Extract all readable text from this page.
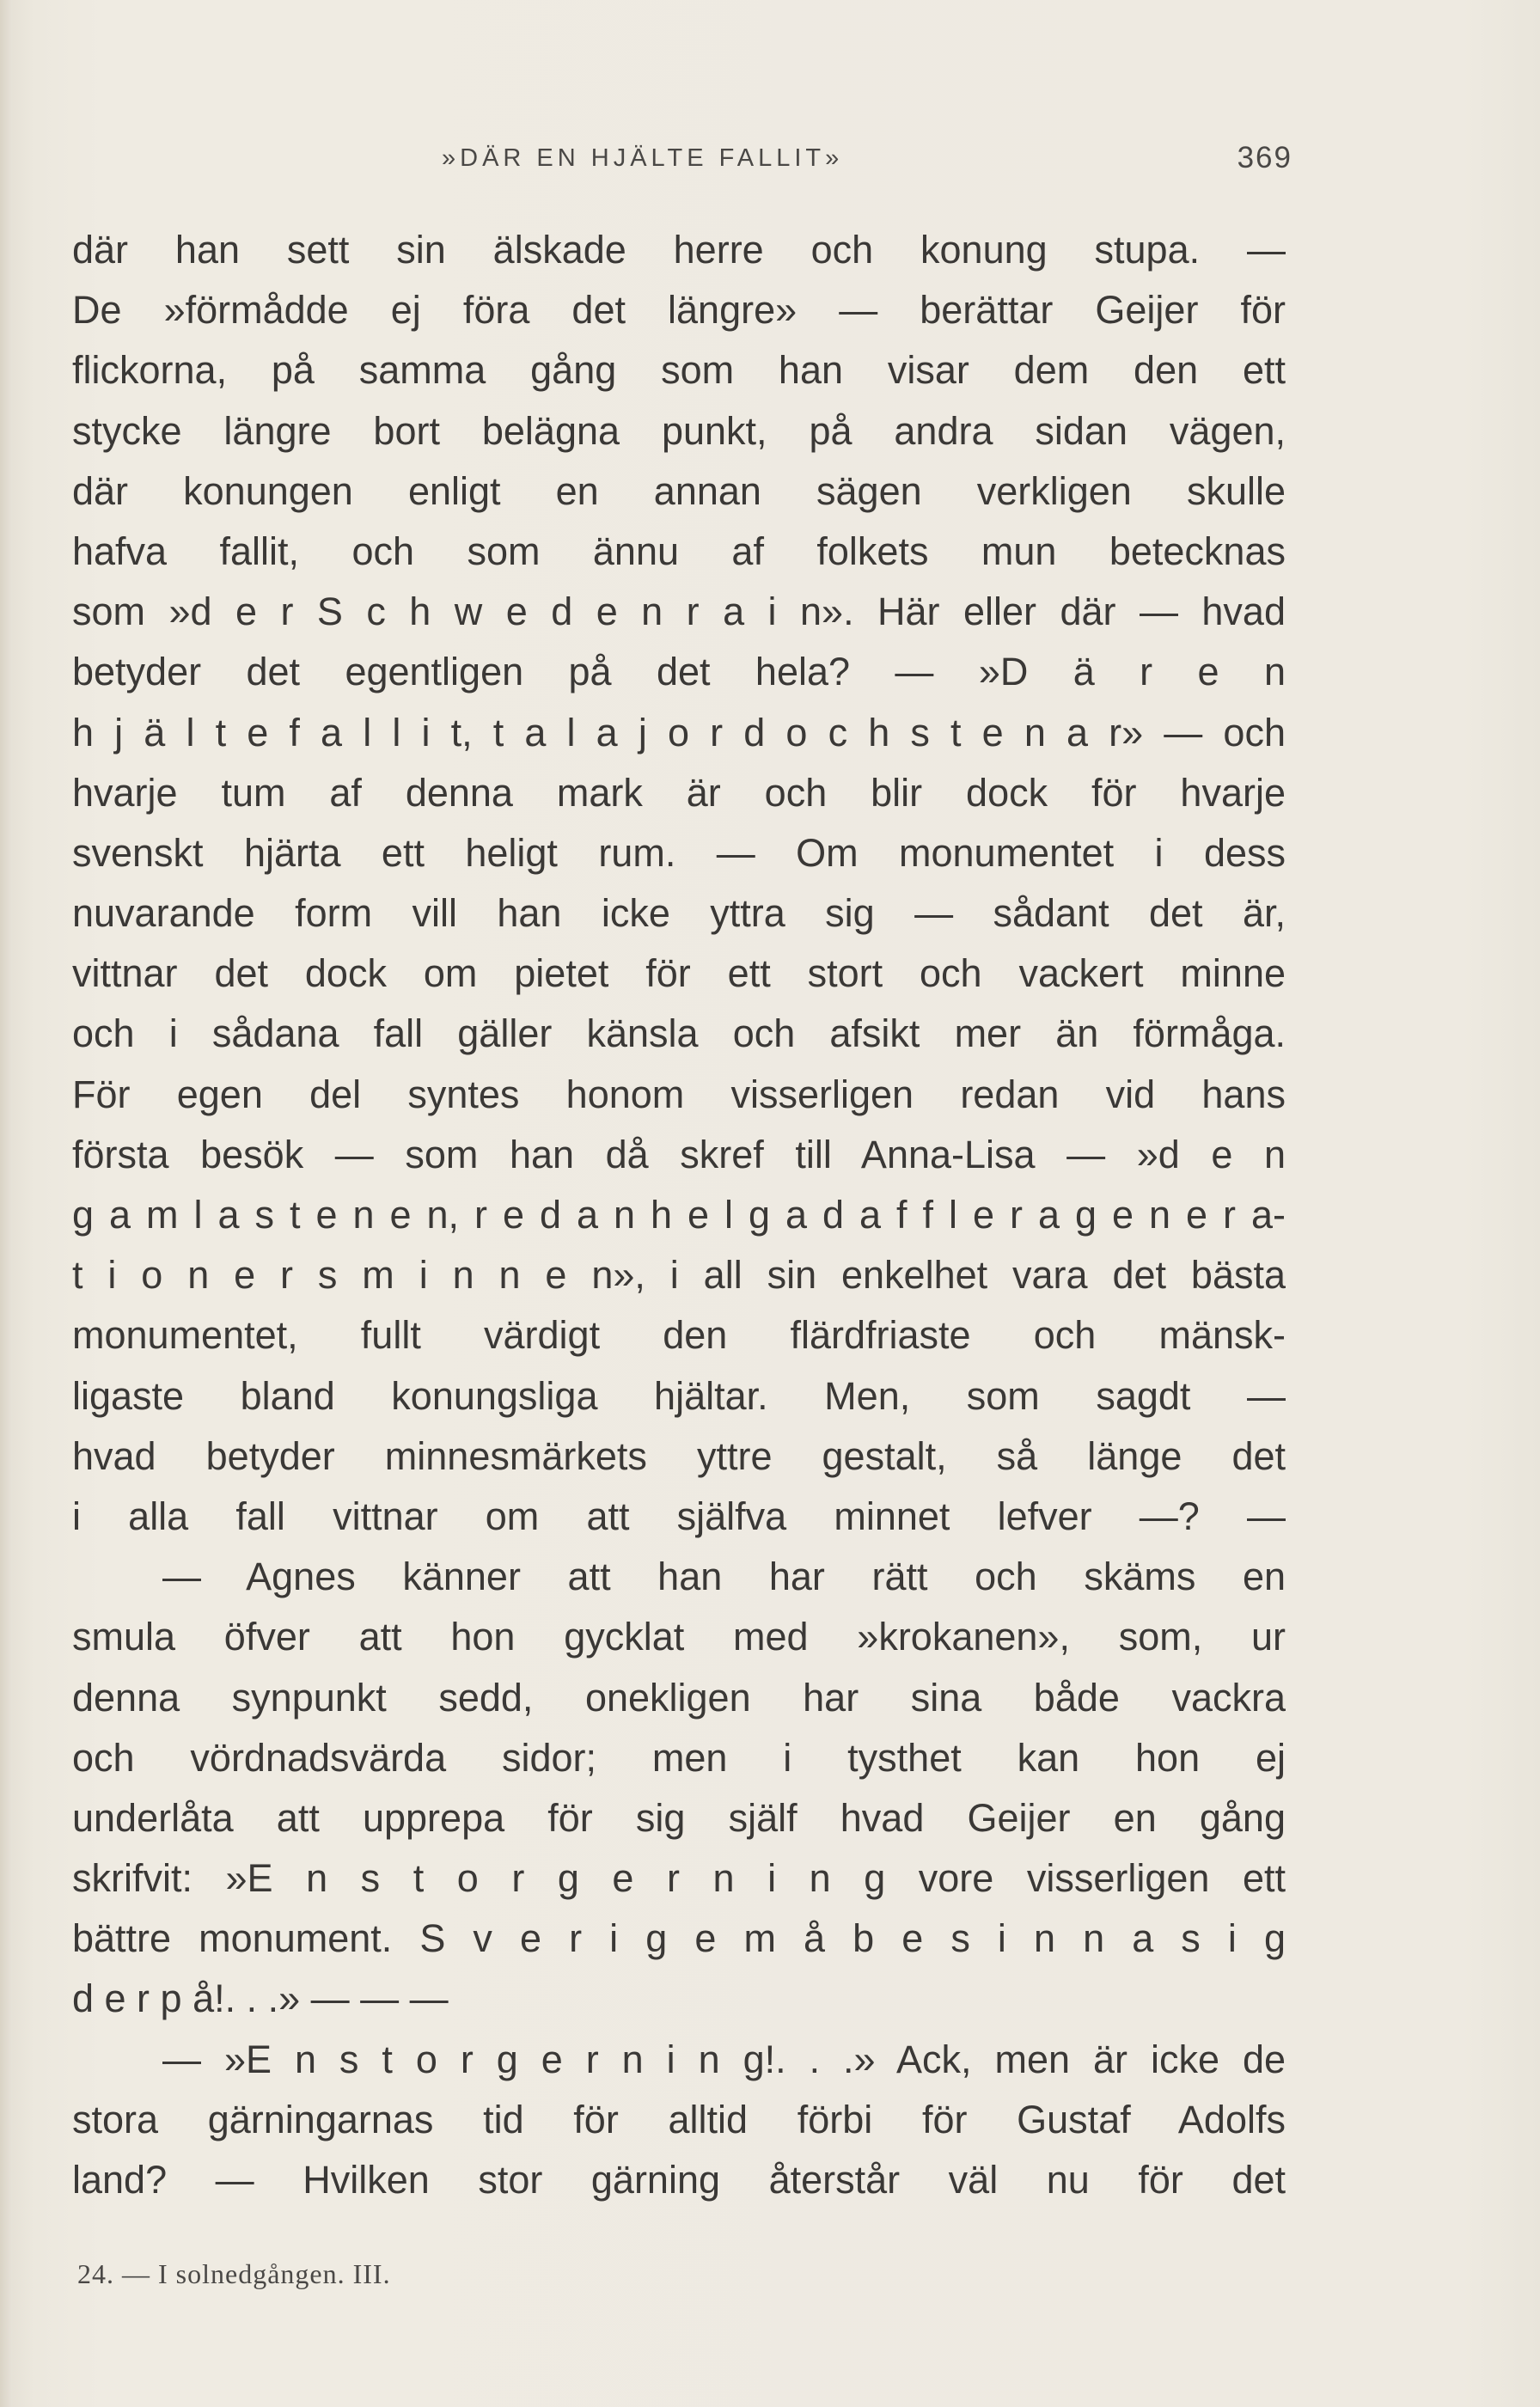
»DÄR EN HJÄLTE FALLIT»	369
där han sett sin älskade herre och konung stupa. —
De »förmådde ej föra det längre» — berättar Geijer för
flickorna, på samma gång som han visar dem den ett
stycke längre bort belägna punkt, på andra sidan vägen,
där konungen enligt en annan sägen verkligen skulle
hafva fallit, och som ännu af folkets mun betecknas
som »d e r S c h w e d e n r a i n». Här eller där — hvad
betyder det egentligen på det hela? — »D ä r e n
h j ä l t e f a l l i t, t a l a j o r d o c h s t e n a r» — och
hvarje tum af denna mark är och blir dock för hvarje
svenskt hjärta ett heligt rum. — Om monumentet i dess
nuvarande form vill han icke yttra sig — sådant det är,
vittnar det dock om pietet för ett stort och vackert minne
och i sådana fall gäller känsla och afsikt mer än förmåga.
För egen del syntes honom visserligen redan vid hans
första besök — som han då skref till Anna-Lisa — »d e n
g a m l a s t e n e n, r e d a n h e l g a d a f f l e r a g e n e r a-
t i o n e r s m i n n e n», i all sin enkelhet vara det bästa
monumentet, fullt värdigt den flärdfriaste och mänsk-
ligaste bland konungsliga hjältar. Men, som sagdt —
hvad betyder minnesmärkets yttre gestalt, så länge det
i alla fall vittnar om att själfva minnet lefver —? —
— Agnes känner att han har rätt och skäms en
smula öfver att hon gycklat med »krokanen», som, ur
denna synpunkt sedd, onekligen har sina både vackra
och vördnadsvärda sidor; men i tysthet kan hon ej
underlåta att upprepa för sig själf hvad Geijer en gång
skrifvit: »E n s t o r g e r n i n g vore visserligen ett
bättre monument. S v e r i g e m å b e s i n n a s i g
d e r p å!. . .» — — —
— »E n s t o r g e r n i n g!. . .» Ack, men är icke de
stora gärningarnas tid för alltid förbi för Gustaf Adolfs
land? — Hvilken stor gärning återstår väl nu för det
24. — I solnedgången. III.
